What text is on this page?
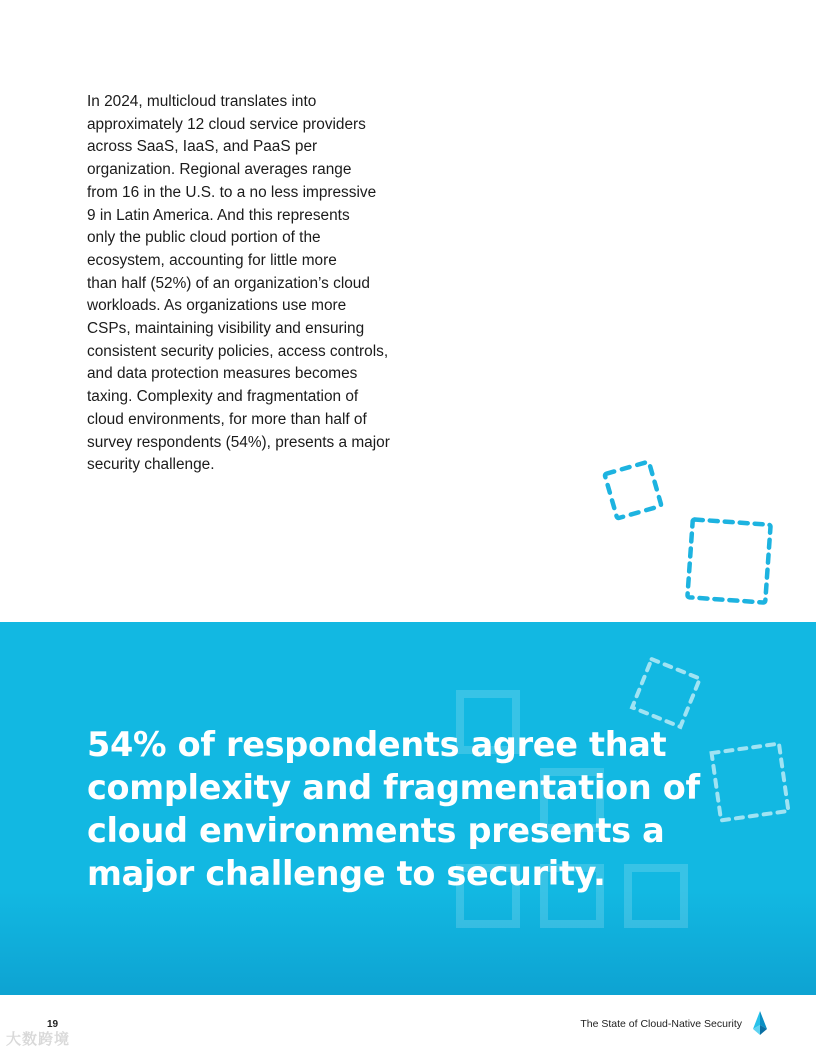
In 2024, multicloud translates into
approximately 12 cloud service providers
across SaaS, IaaS, and PaaS per
organization. Regional averages range
from 16 in the U.S. to a no less impressive
9 in Latin America. And this represents
only the public cloud portion of the
ecosystem, accounting for little more
than half (52%) of an organization’s cloud
workloads. As organizations use more
CSPs, maintaining visibility and ensuring
consistent security policies, access controls,
and data protection measures becomes
taxing. Complexity and fragmentation of
cloud environments, for more than half of
survey respondents (54%), presents a major
security challenge.

54% of respondents agree that
complexity and fragmentation of
cloud environments presents a
major challenge to security.
大数跨境
19	The State of Cloud-Native Security
